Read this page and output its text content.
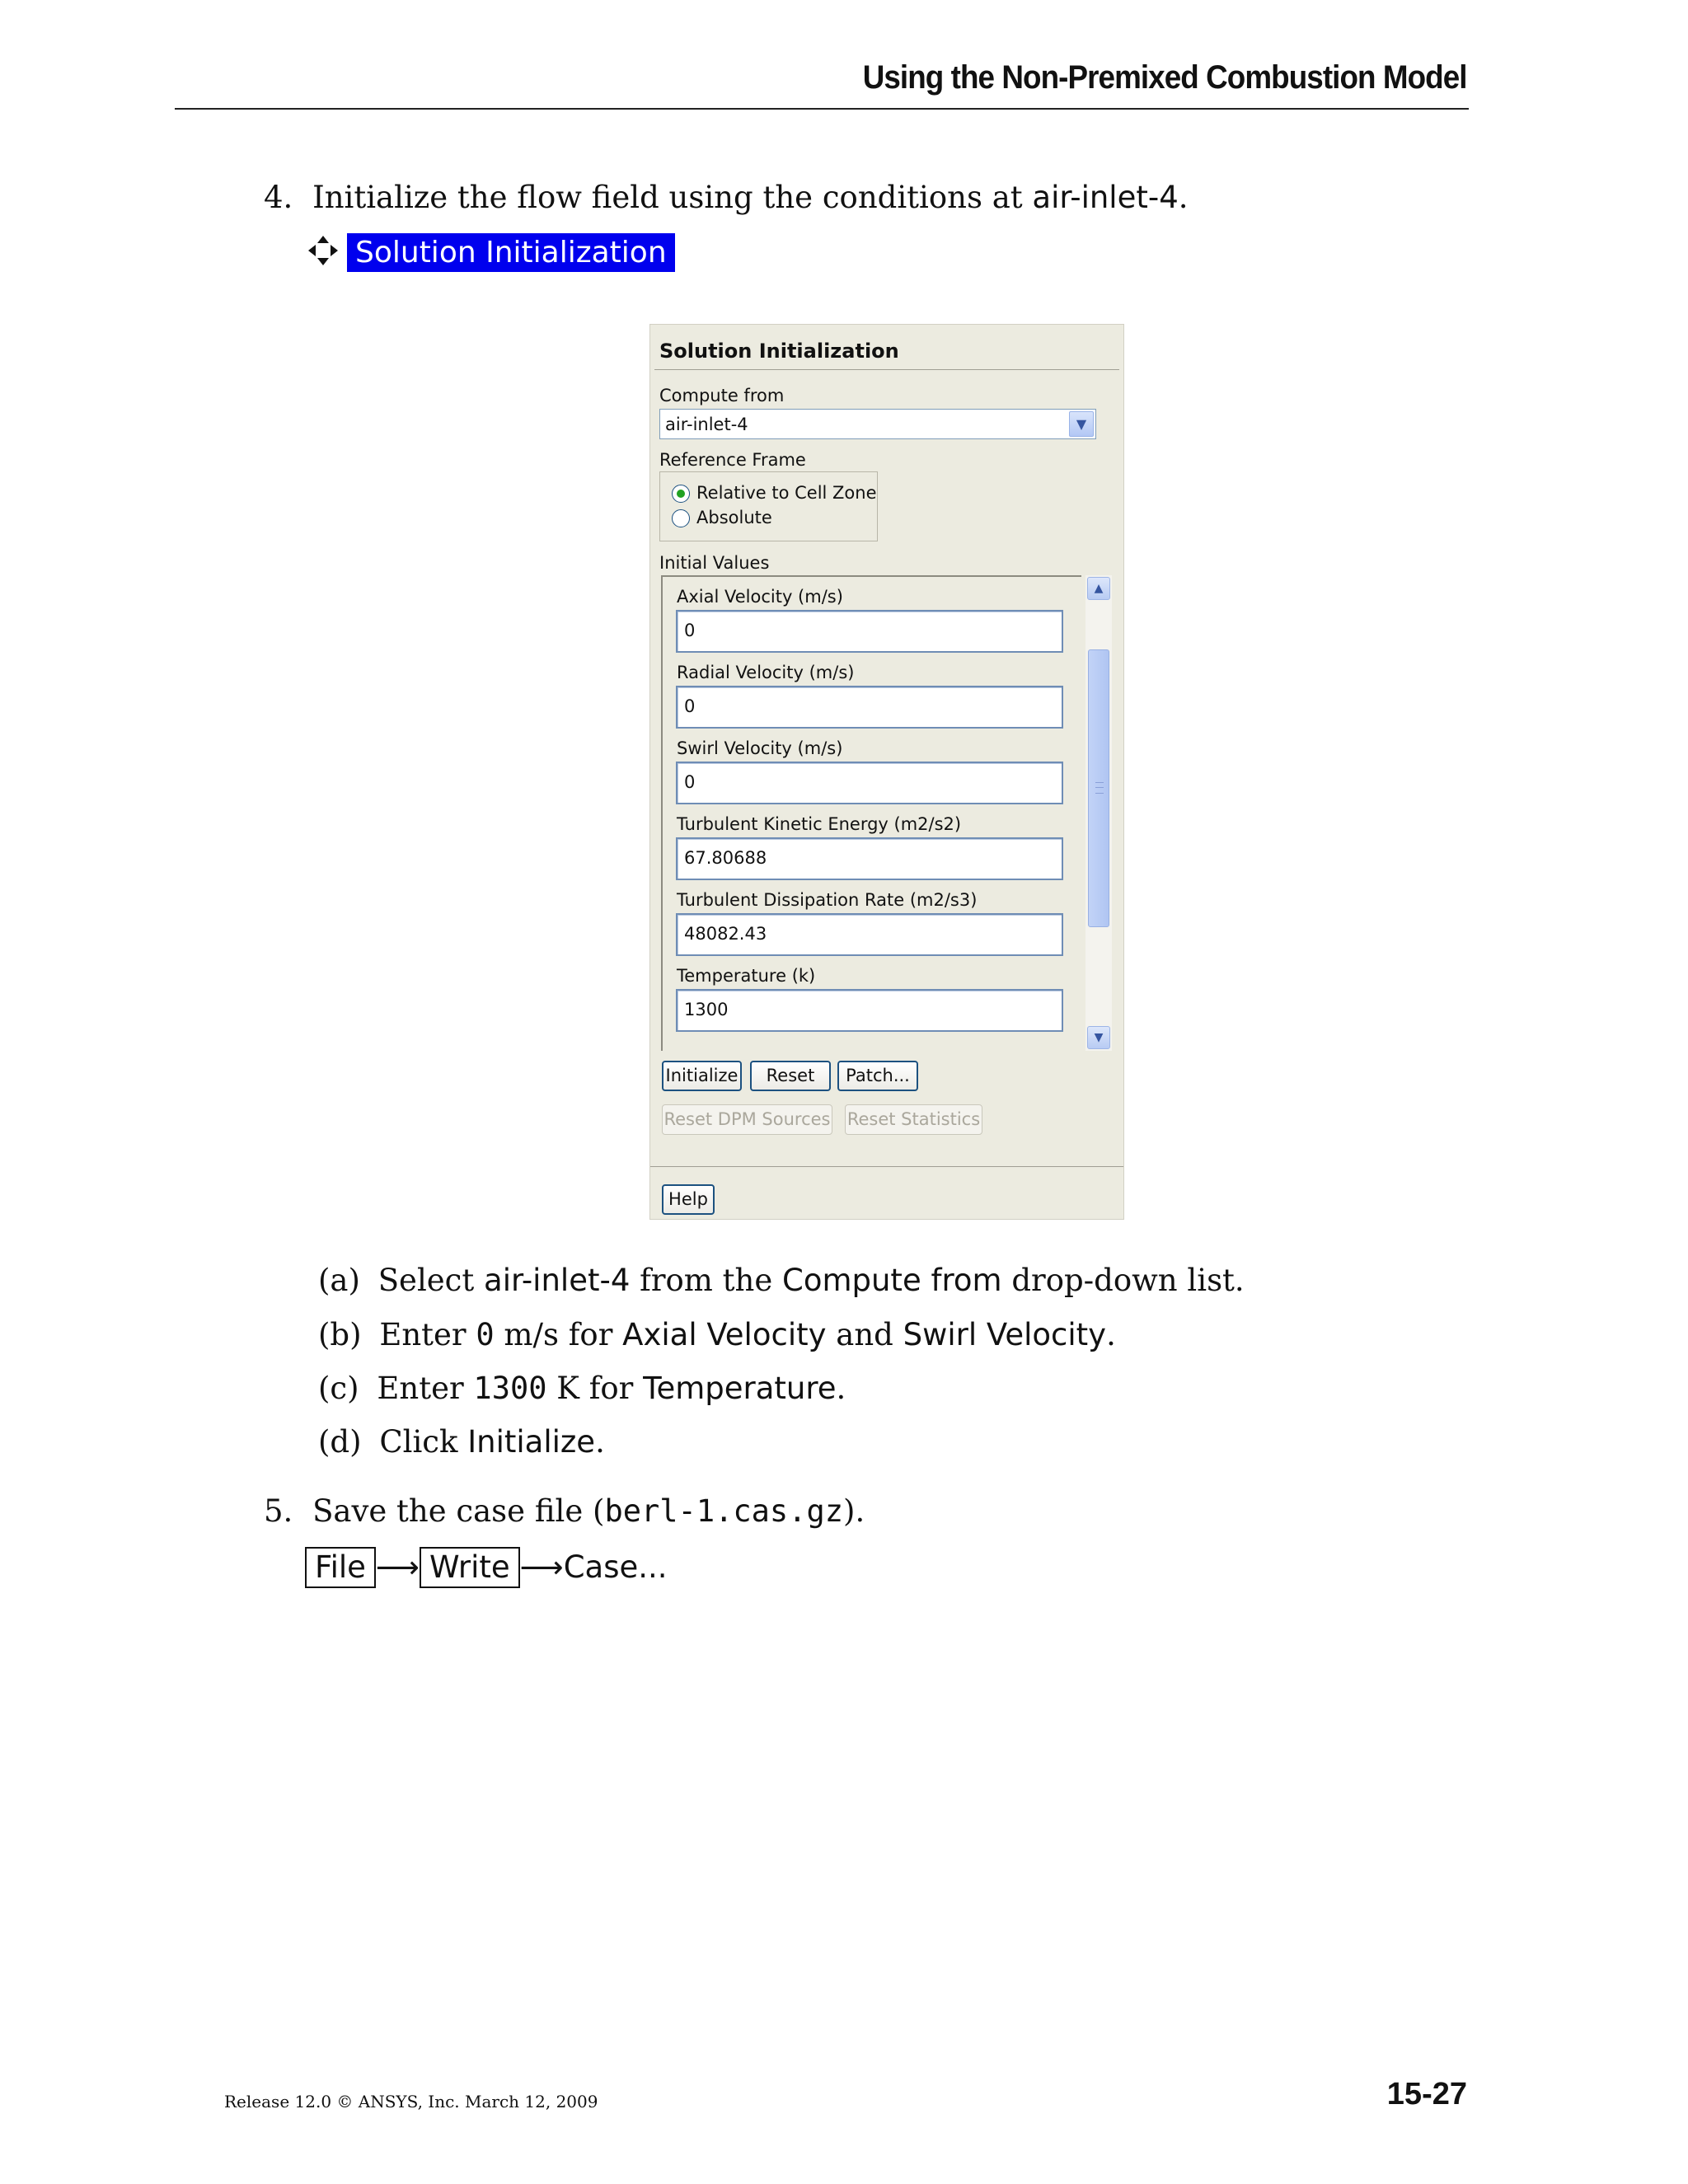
Using the Non-Premixed Combustion Model
4. Initialize the flow field using the conditions at air-inlet-4.
Solution Initialization
Solution Initialization
Compute from
air-inlet-4	▼
Reference Frame
Relative to Cell Zone
Absolute
Initial Values
Axial Velocity (m/s)
0
Radial Velocity (m/s)
0
Swirl Velocity (m/s)
0
Turbulent Kinetic Energy (m2/s2)
67.80688
Turbulent Dissipation Rate (m2/s3)
48082.43
Temperature (k)
1300
▲
▼
Initialize	Reset	Patch...
Reset DPM Sources Reset Statistics
Help
(a) Select air-inlet-4 from the Compute from drop-down list.
(b) Enter 0 m/s for Axial Velocity and Swirl Velocity.
(c) Enter 1300 K for Temperature.
(d) Click Initialize.
5. Save the case file (berl-1.cas.gz).
File ⟶ Write ⟶Case...
Release 12.0 © ANSYS, Inc. March 12, 2009	15-27
